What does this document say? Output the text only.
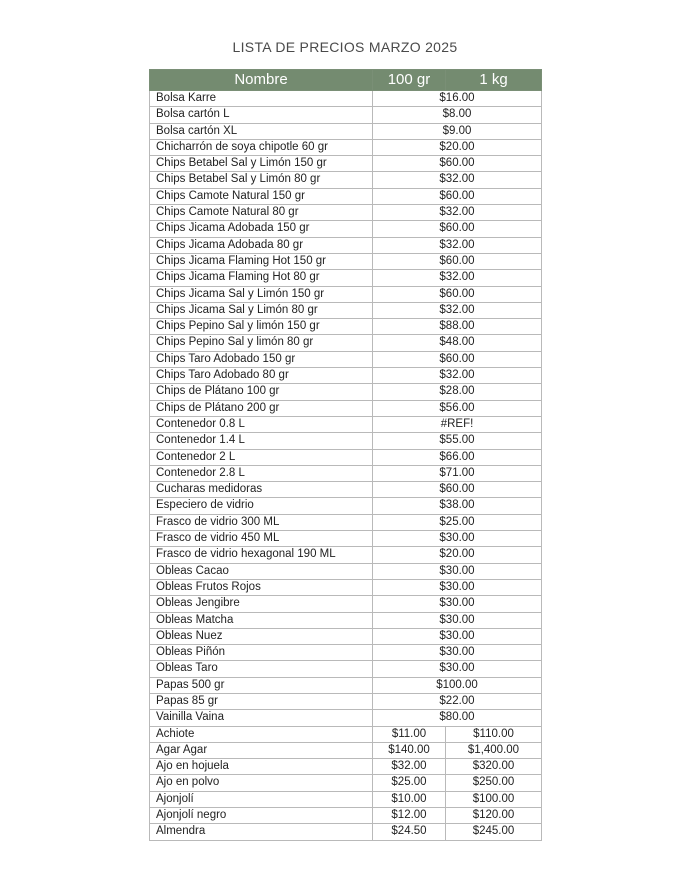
LISTA DE PRECIOS MARZO 2025
Nombre	100 gr	1 kg
Bolsa Karre	$16.00	
Bolsa cartón L	$8.00	
Bolsa cartón XL	$9.00	
Chicharrón de soya chipotle 60 gr	$20.00	
Chips Betabel Sal y Limón 150 gr	$60.00	
Chips Betabel Sal y Limón 80 gr	$32.00	
Chips Camote Natural 150 gr	$60.00	
Chips Camote Natural 80 gr	$32.00	
Chips Jicama Adobada 150 gr	$60.00	
Chips Jicama Adobada 80 gr	$32.00	
Chips Jicama Flaming Hot 150 gr	$60.00	
Chips Jicama Flaming Hot 80 gr	$32.00	
Chips Jicama Sal y Limón 150 gr	$60.00	
Chips Jicama Sal y Limón 80 gr	$32.00	
Chips Pepino Sal y limón 150 gr	$88.00	
Chips Pepino Sal y limón 80 gr	$48.00	
Chips Taro Adobado 150 gr	$60.00	
Chips Taro Adobado 80 gr	$32.00	
Chips de Plátano 100 gr	$28.00	
Chips de Plátano 200 gr	$56.00	
Contenedor 0.8 L	#REF!	
Contenedor 1.4 L	$55.00	
Contenedor 2 L	$66.00	
Contenedor 2.8 L	$71.00	
Cucharas medidoras	$60.00	
Especiero de vidrio	$38.00	
Frasco de vidrio 300 ML	$25.00	
Frasco de vidrio 450 ML	$30.00	
Frasco de vidrio hexagonal 190 ML	$20.00	
Obleas Cacao	$30.00	
Obleas Frutos Rojos	$30.00	
Obleas Jengibre	$30.00	
Obleas Matcha	$30.00	
Obleas Nuez	$30.00	
Obleas Piñón	$30.00	
Obleas Taro	$30.00	
Papas 500 gr	$100.00	
Papas 85 gr	$22.00	
Vainilla Vaina	$80.00	
Achiote	$11.00	$110.00
Agar Agar	$140.00	$1,400.00
Ajo en hojuela	$32.00	$320.00
Ajo en polvo	$25.00	$250.00
Ajonjolí	$10.00	$100.00
Ajonjolí negro	$12.00	$120.00
Almendra	$24.50	$245.00
